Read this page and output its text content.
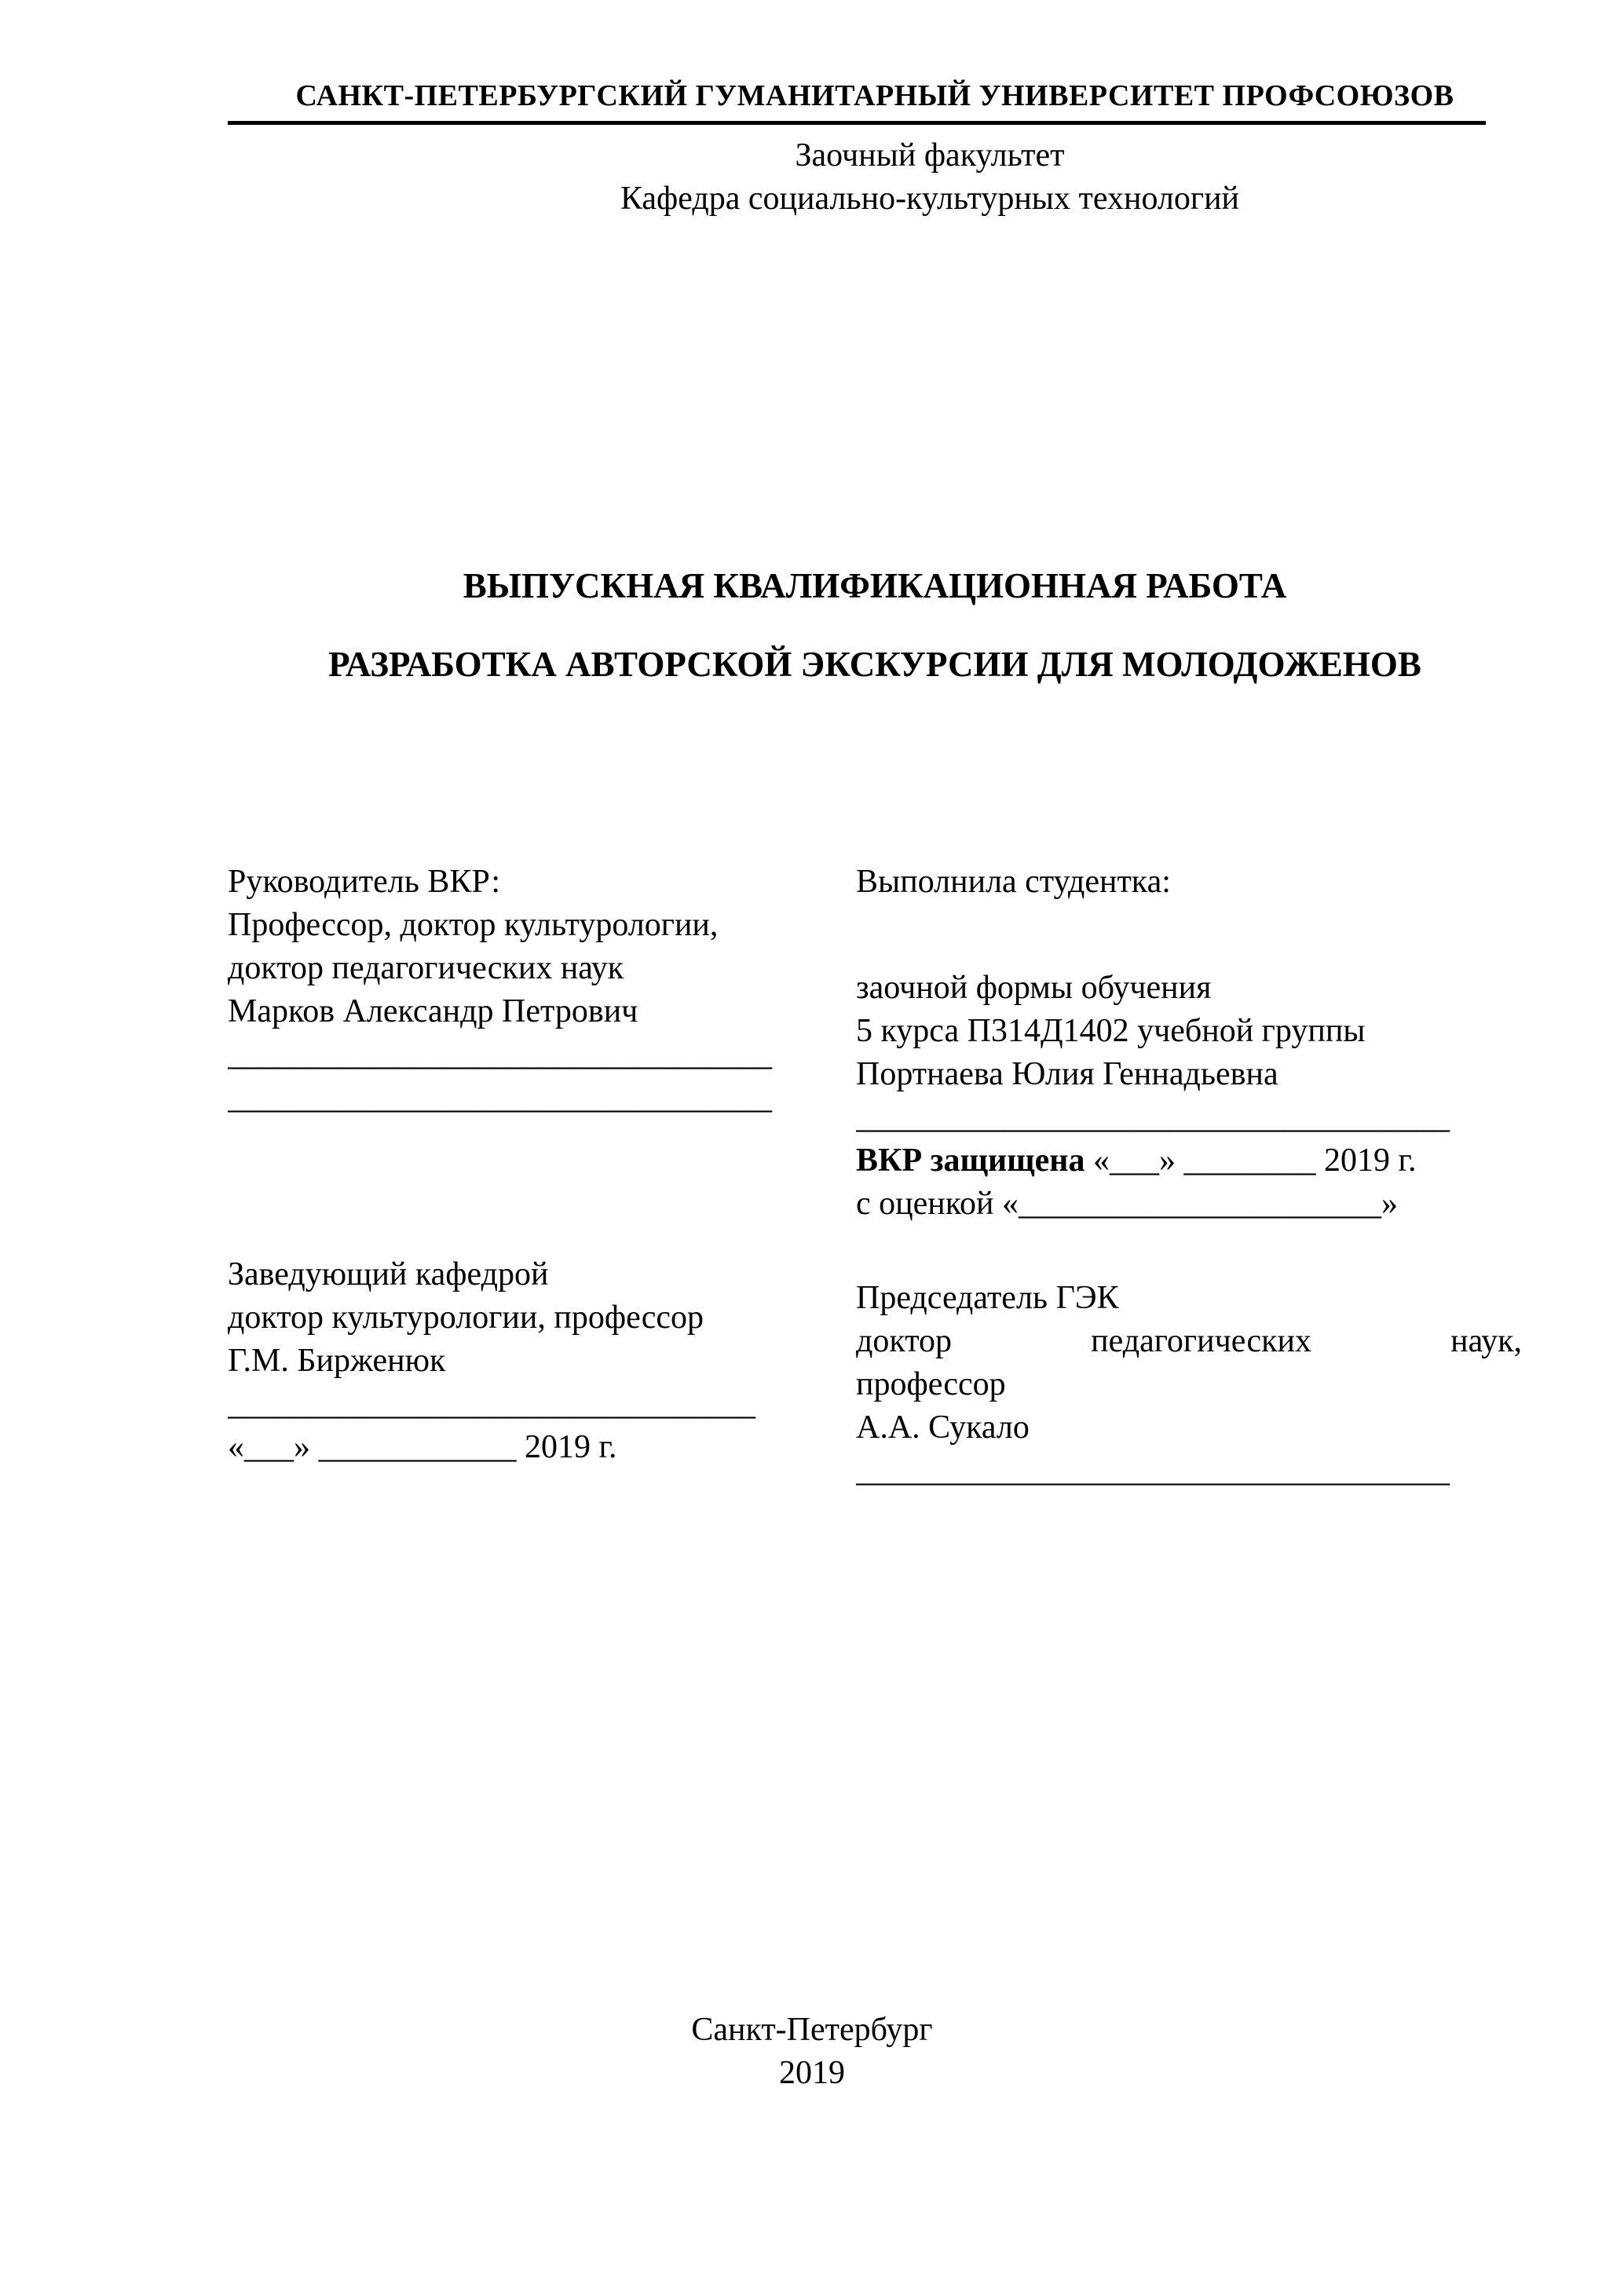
САНКТ-ПЕТЕРБУРГСКИЙ ГУМАНИТАРНЫЙ УНИВЕРСИТЕТ ПРОФСОЮЗОВ
Заочный факультет
Кафедра социально-культурных технологий
ВЫПУСКНАЯ КВАЛИФИКАЦИОННАЯ РАБОТА
РАЗРАБОТКА АВТОРСКОЙ ЭКСКУРСИИ ДЛЯ МОЛОДОЖЕНОВ

Руководитель ВКР:

Профессор, доктор культурологии, доктор педагогических наук

Марков Александр Петрович

_________________________________

_________________________________

Заведующий кафедрой

доктор культурологии, профессор

Г.М. Бирженюк

________________________________

«___» ____________ 2019 г.

Выполнила студентка:

заочной формы обучения

5 курса П314Д1402 учебной группы

Портнаева Юлия Геннадьевна

____________________________________

ВКР защищена «___» ________ 2019 г.

с оценкой «______________________»

Председатель ГЭК

доктор	педагогических	наук,

профессор

А.А. Сукало

____________________________________

Санкт-Петербург
2019
